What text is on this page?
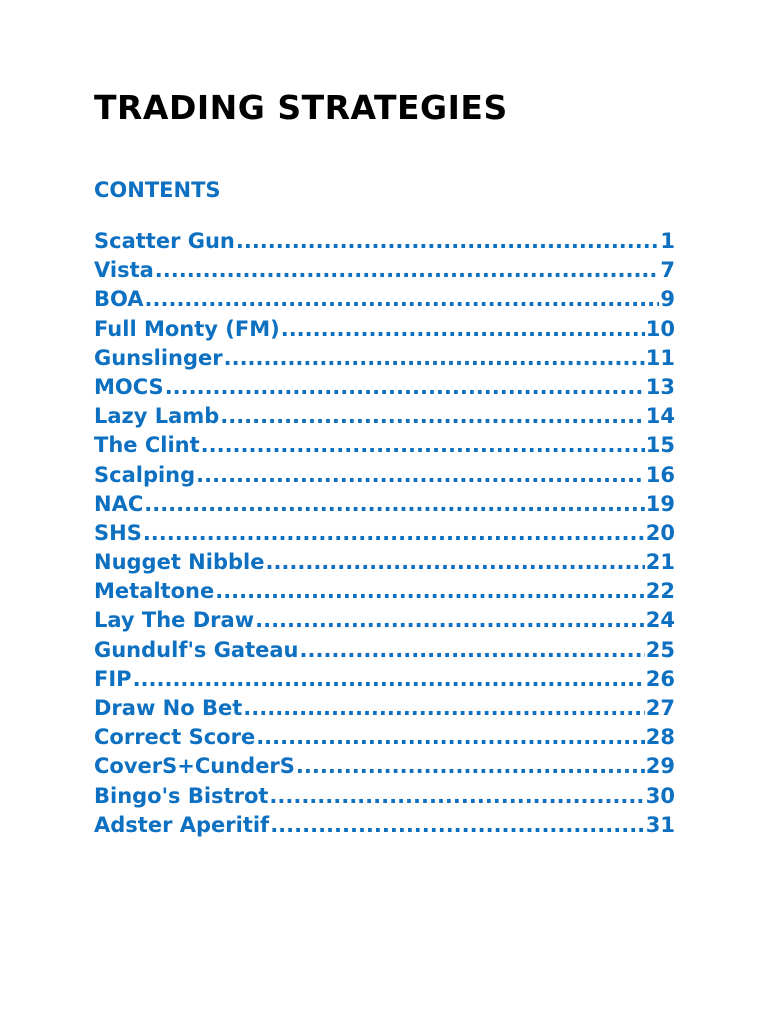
TRADING STRATEGIES
CONTENTS
Scatter Gun .....	1
Vista .....	7
BOA .....	9
Full Monty (FM) .....	10
Gunslinger .....	11
MOCS .....	13
Lazy Lamb .....	14
The Clint .....	15
Scalping .....	16
NAC .....	19
SHS .....	20
Nugget Nibble .....	21
Metaltone .....	22
Lay The Draw .....	24
Gundulf's Gateau .....	25
FIP .....	26
Draw No Bet .....	27
Correct Score .....	28
CoverS+CunderS .....	29
Bingo's Bistrot .....	30
Adster Aperitif .....	31
